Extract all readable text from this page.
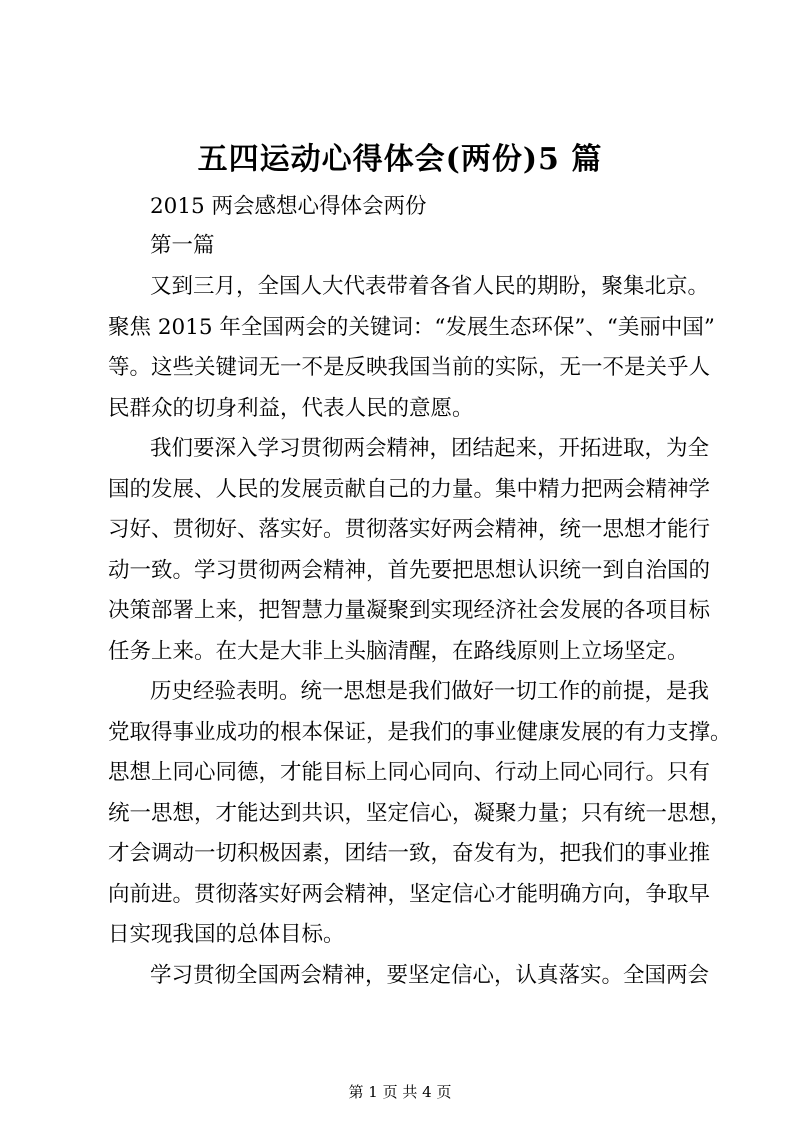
五四运动心得体会(两份)5 篇
2015 两会感想心得体会两份
第一篇
又到三月，全国人大代表带着各省人民的期盼，聚集北京。
聚焦 2015 年全国两会的关键词：“发展生态环保”、“美丽中国”
等。这些关键词无一不是反映我国当前的实际，无一不是关乎人
民群众的切身利益，代表人民的意愿。
我们要深入学习贯彻两会精神，团结起来，开拓进取，为全
国的发展、人民的发展贡献自己的力量。集中精力把两会精神学
习好、贯彻好、落实好。贯彻落实好两会精神，统一思想才能行
动一致。学习贯彻两会精神，首先要把思想认识统一到自治国的
决策部署上来，把智慧力量凝聚到实现经济社会发展的各项目标
任务上来。在大是大非上头脑清醒，在路线原则上立场坚定。
历史经验表明。统一思想是我们做好一切工作的前提，是我
党取得事业成功的根本保证，是我们的事业健康发展的有力支撑。
思想上同心同德，才能目标上同心同向、行动上同心同行。只有
统一思想，才能达到共识，坚定信心，凝聚力量；只有统一思想，
才会调动一切积极因素，团结一致，奋发有为，把我们的事业推
向前进。贯彻落实好两会精神，坚定信心才能明确方向，争取早
日实现我国的总体目标。
学习贯彻全国两会精神，要坚定信心，认真落实。全国两会
第 1 页 共 4 页
